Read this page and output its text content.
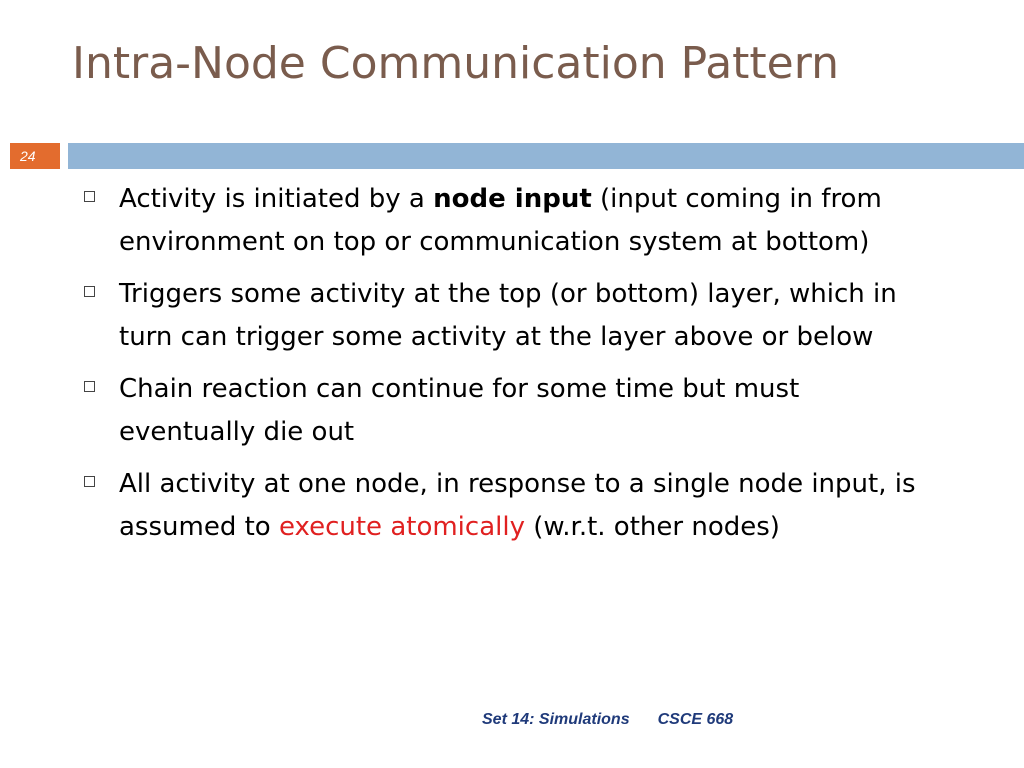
Intra-Node Communication Pattern
24
Activity is initiated by a node input (input coming in from environment on top or communication system at bottom)
Triggers some activity at the top (or bottom) layer, which in turn can trigger some activity at the layer above or below
Chain reaction can continue for some time but must eventually die out
All activity at one node, in response to a single node input, is assumed to execute atomically (w.r.t. other nodes)
Set 14: Simulations CSCE 668
